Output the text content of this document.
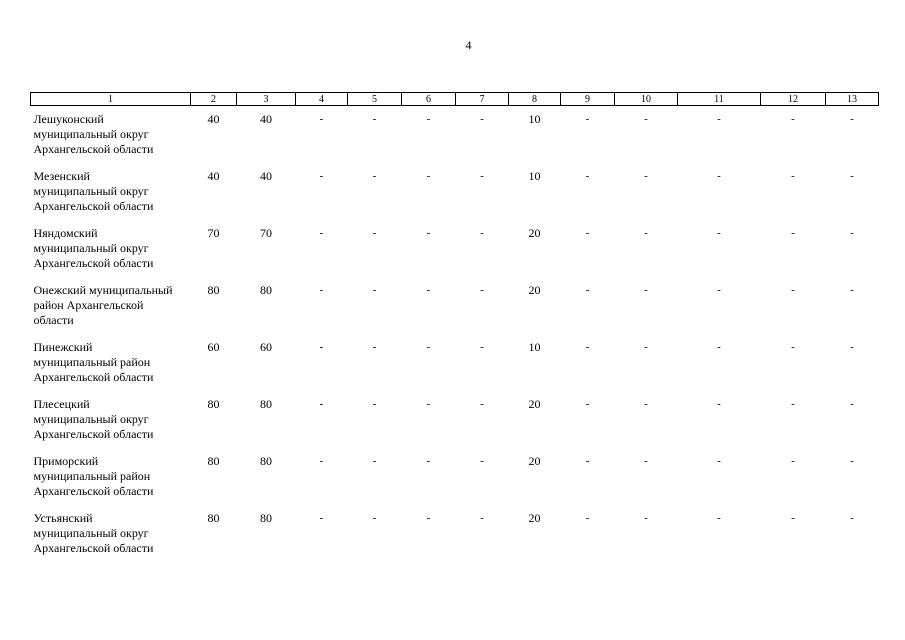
4
1	2	3	4	5	6	7	8	9	10	11	12	13

Лешуконский
муниципальный округ
Архангельской области	40	40	-	-	-	-	10	-	-	-	-	-

Мезенский
муниципальный округ
Архангельской области	40	40	-	-	-	-	10	-	-	-	-	-

Няндомский
муниципальный округ
Архангельской области	70	70	-	-	-	-	20	-	-	-	-	-

Онежский муниципальный
район Архангельской
области	80	80	-	-	-	-	20	-	-	-	-	-

Пинежский
муниципальный район
Архангельской области	60	60	-	-	-	-	10	-	-	-	-	-

Плесецкий
муниципальный округ
Архангельской области	80	80	-	-	-	-	20	-	-	-	-	-

Приморский
муниципальный район
Архангельской области	80	80	-	-	-	-	20	-	-	-	-	-

Устьянский
муниципальный округ
Архангельской области	80	80	-	-	-	-	20	-	-	-	-	-
